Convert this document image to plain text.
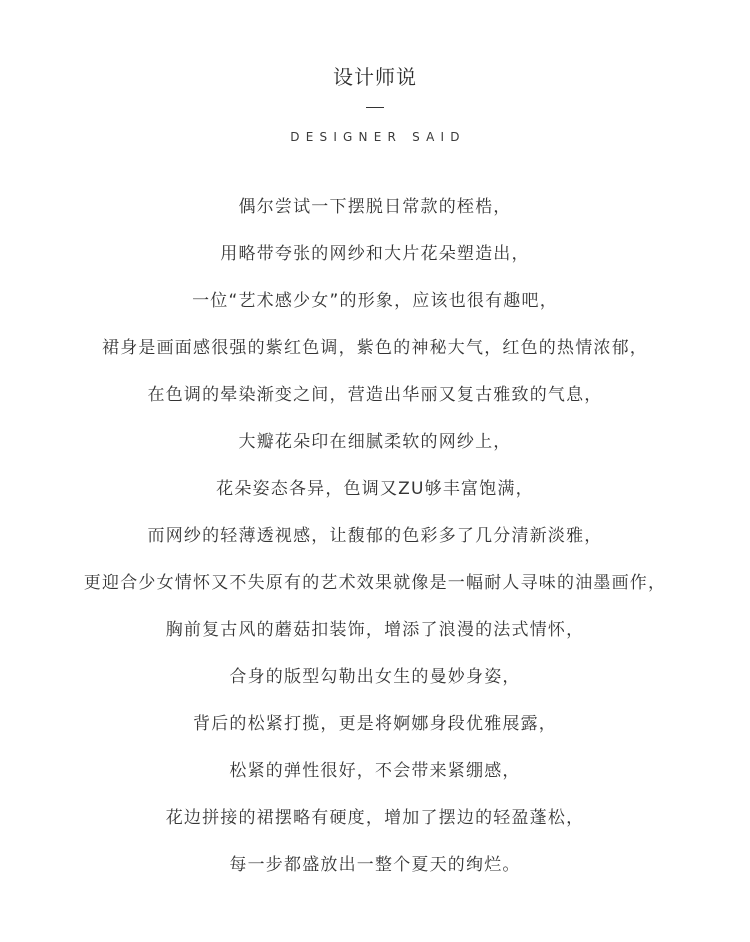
设计师说
DESIGNER SAID
偶尔尝试一下摆脱日常款的桎梏，
用略带夸张的网纱和大片花朵塑造出，
一位“艺术感少女”的形象，应该也很有趣吧，
裙身是画面感很强的紫红色调，紫色的神秘大气，红色的热情浓郁，
在色调的晕染渐变之间，营造出华丽又复古雅致的气息，
大瓣花朵印在细腻柔软的网纱上，
花朵姿态各异，色调又ZU够丰富饱满，
而网纱的轻薄透视感，让馥郁的色彩多了几分清新淡雅，
更迎合少女情怀又不失原有的艺术效果就像是一幅耐人寻味的油墨画作，
胸前复古风的蘑菇扣装饰，增添了浪漫的法式情怀，
合身的版型勾勒出女生的曼妙身姿，
背后的松紧打揽，更是将婀娜身段优雅展露，
松紧的弹性很好，不会带来紧绷感，
花边拼接的裙摆略有硬度，增加了摆边的轻盈蓬松，
每一步都盛放出一整个夏天的绚烂。
